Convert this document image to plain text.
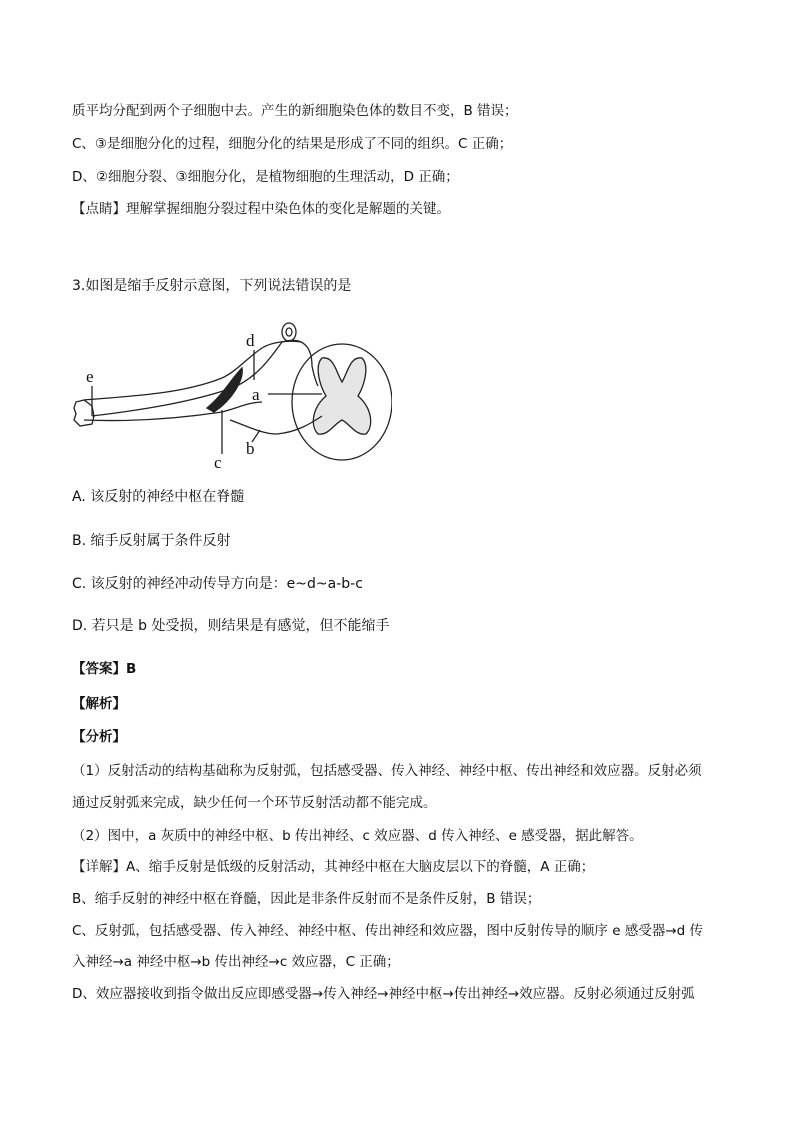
质平均分配到两个子细胞中去。产生的新细胞染色体的数目不变，B 错误；
C、③是细胞分化的过程，细胞分化的结果是形成了不同的组织。C 正确；
D、②细胞分裂、③细胞分化，是植物细胞的生理活动，D 正确；
【点睛】理解掌握细胞分裂过程中染色体的变化是解题的关键。
3.如图是缩手反射示意图，下列说法错误的是
e
d
a
b
c
A. 该反射的神经中枢在脊髓
B. 缩手反射属于条件反射
C. 该反射的神经冲动传导方向是：e~d~a-b-c
D. 若只是 b 处受损，则结果是有感觉，但不能缩手
【答案】B
【解析】
【分析】
（1）反射活动的结构基础称为反射弧，包括感受器、传入神经、神经中枢、传出神经和效应器。反射必须
通过反射弧来完成，缺少任何一个环节反射活动都不能完成。
（2）图中，a 灰质中的神经中枢、b 传出神经、c 效应器、d 传入神经、e 感受器，据此解答。
【详解】A、缩手反射是低级的反射活动，其神经中枢在大脑皮层以下的脊髓，A 正确；
B、缩手反射的神经中枢在脊髓，因此是非条件反射而不是条件反射，B 错误；
C、反射弧，包括感受器、传入神经、神经中枢、传出神经和效应器，图中反射传导的顺序 e 感受器→d 传
入神经→a 神经中枢→b 传出神经→c 效应器，C 正确；
D、效应器接收到指令做出反应即感受器→传入神经→神经中枢→传出神经→效应器。反射必须通过反射弧
